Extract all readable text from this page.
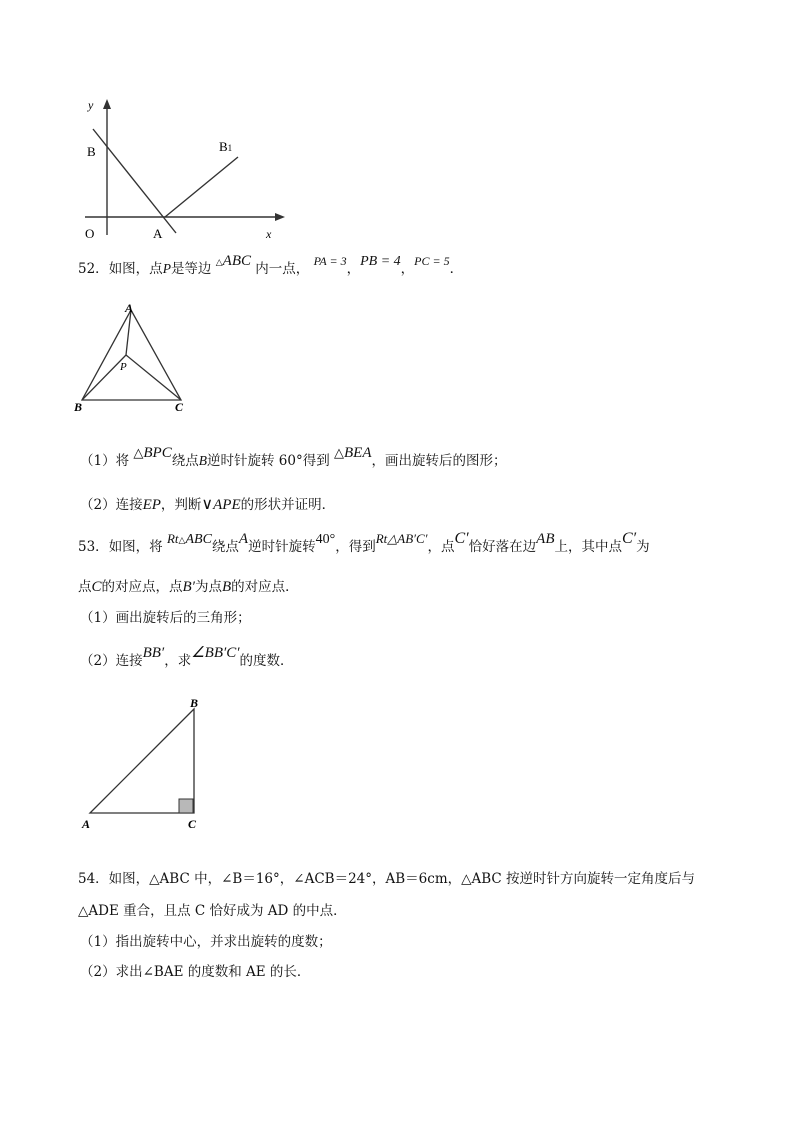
y
x
O
B
A
B1
52．如图，点P是等边 △ABC 内一点， PA = 3，PB = 4，PC = 5．
A
B	C
P
（1）将 △BPC绕点B逆时针旋转 60°得到 △BEA，画出旋转后的图形；
（2）连接EP，判断∨APE的形状并证明．
53．如图，将 Rt△ABC绕点A逆时针旋转40°，得到Rt△AB′C′，点C′恰好落在边AB上，其中点C′为
点C的对应点，点B′为点B的对应点．
（1）画出旋转后的三角形；
（2）连接BB′，求∠BB′C′的度数．
A
B
C
54．如图，△ABC 中，∠B＝16°，∠ACB＝24°，AB＝6cm，△ABC 按逆时针方向旋转一定角度后与
△ADE 重合，且点 C 恰好成为 AD 的中点．
（1）指出旋转中心，并求出旋转的度数；
（2）求出∠BAE 的度数和 AE 的长．
